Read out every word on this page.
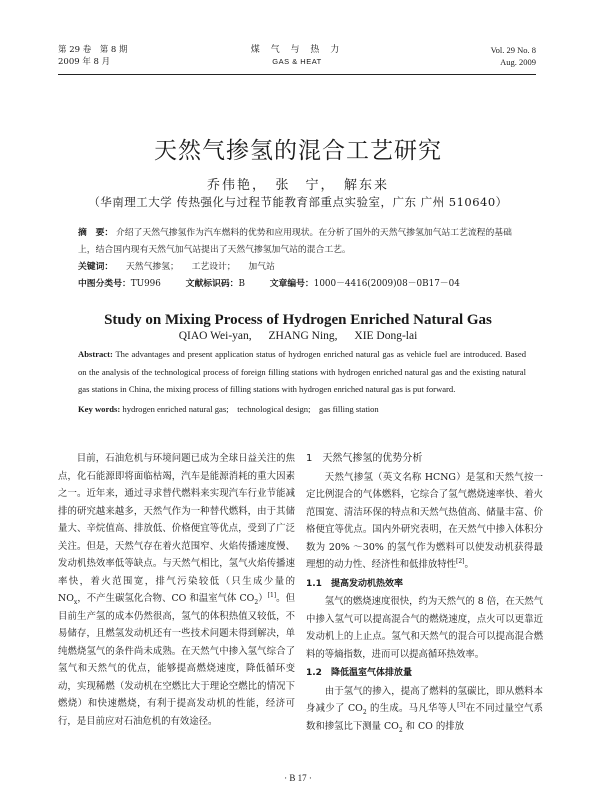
第 29 卷　第 8 期
2009 年 8 月
煤 气 与 热 力
GAS & HEAT
Vol. 29 No. 8
Aug. 2009
天然气掺氢的混合工艺研究
乔伟艳，　张　宁，　解东来
（华南理工大学 传热强化与过程节能教育部重点实验室，广东 广州 510640）
摘　要： 介绍了天然气掺氢作为汽车燃料的优势和应用现状。在分析了国外的天然气掺氢加气站工艺流程的基础上，结合国内现有天然气加气站提出了天然气掺氢加气站的混合工艺。
关键词： 天然气掺氢； 工艺设计； 加气站
中图分类号：TU996	文献标识码：B	文章编号：1000－4416(2009)08－0B17－04
Study on Mixing Process of Hydrogen Enriched Natural Gas
QIAO Wei-yan, ZHANG Ning, XIE Dong-lai
Abstract: The advantages and present application status of hydrogen enriched natural gas as vehicle fuel are introduced. Based on the analysis of the technological process of foreign filling stations with hydrogen enriched natural gas and the existing natural gas stations in China, the mixing process of filling stations with hydrogen enriched natural gas is put forward.
Key words: hydrogen enriched natural gas;　technological design;　gas filling station

目前，石油危机与环境问题已成为全球日益关注的焦点，化石能源即将面临枯竭，汽车是能源消耗的重大因素之一。近年来，通过寻求替代燃料来实现汽车行业节能减排的研究越来越多，天然气作为一种替代燃料，由于其储量大、辛烷值高、排放低、价格便宜等优点，受到了广泛关注。但是，天然气存在着火范围窄、火焰传播速度慢、发动机热效率低等缺点。与天然气相比，氢气火焰传播速率快，着火范围宽，排气污染较低（只生成少量的 $NO_x$，不产生碳氢化合物、CO 和温室气体 $CO_2)[1]$。但目前生产氢的成本仍然很高，氢气的体积热值又较低，不易储存，且燃氢发动机还有一些技术问题未得到解决，单纯燃烧氢气的条件尚未成熟。在天然气中掺入氢气综合了氢气和天然气的优点，能够提高燃烧速度，降低循环变动，实现稀燃（发动机在空燃比大于理论空燃比的情况下燃烧）和快速燃烧，有利于提高发动机的性能，经济可行，是目前应对石油危机的有效途径。

1　天然气掺氢的优势分析

天然气掺氢（英文名称 HCNG）是氢和天然气按一定比例混合的气体燃料，它综合了氢气燃烧速率快、着火范围宽、清洁环保的特点和天然气热值高、储量丰富、价格便宜等优点。国内外研究表明，在天然气中掺入体积分数为 20% ～30% 的氢气作为燃料可以使发动机获得最理想的动力性、经济性和低排放特性[2]。

1.1　提高发动机热效率

氢气的燃烧速度很快，约为天然气的 8 倍，在天然气中掺入氢气可以提高混合气的燃烧速度，点火可以更靠近发动机上的上止点。氢气和天然气的混合可以提高混合燃料的等熵指数，进而可以提高循环热效率。

1.2　降低温室气体排放量

由于氢气的掺入，提高了燃料的氢碳比，即从燃料本身减少了 $CO_2$ 的生成。马凡华等人[3]在不同过量空气系数和掺氢比下测量 $CO_2$ 和 CO 的排放

· B 17 ·
